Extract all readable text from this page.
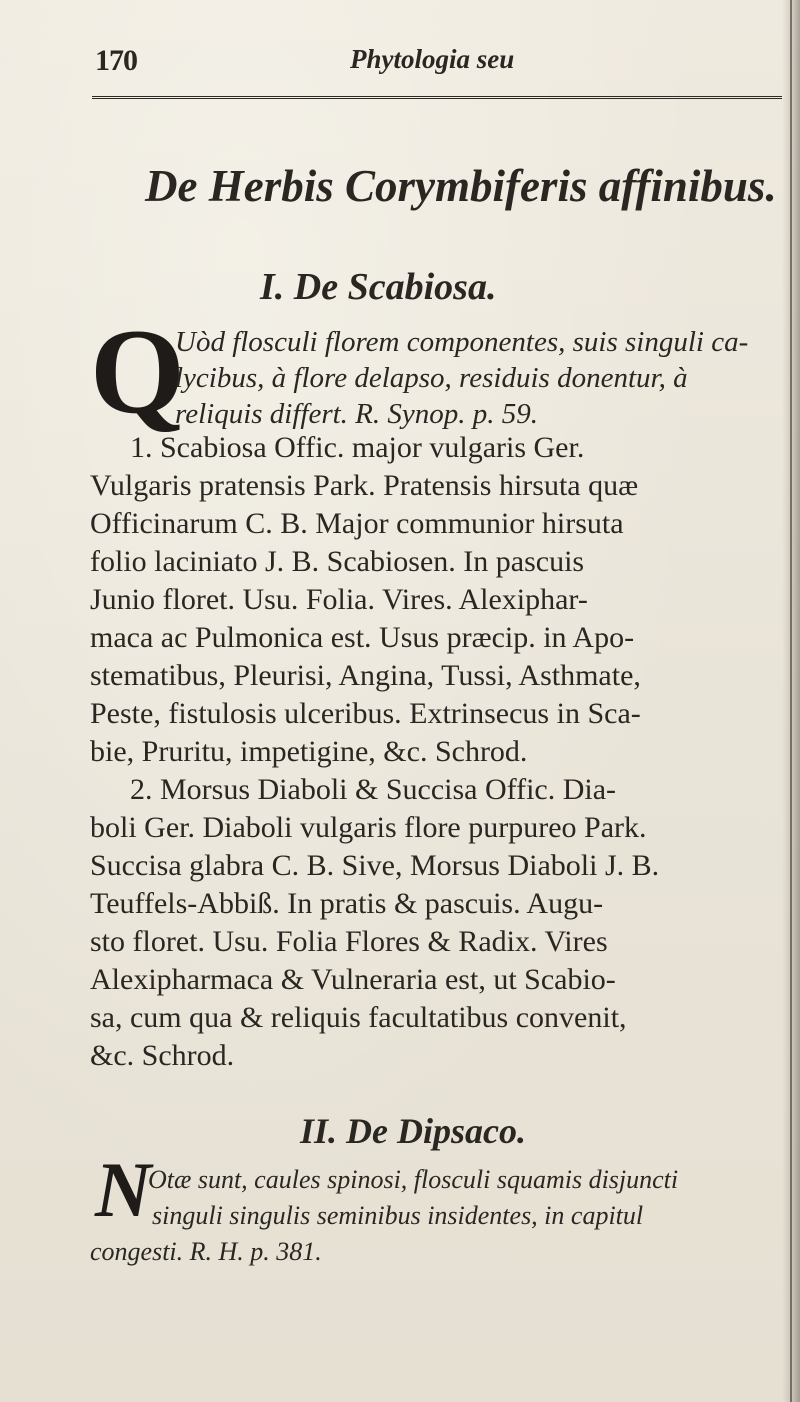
170	Phytologia seu
De Herbis Corymbiferis affinibus.
I. De Scabiosa.
Q
Uòd flosculi florem componentes, suis singuli ca-
lycibus, à flore delapso, residuis donentur, à
reliquis differt. R. Synop. p. 59.
1. Scabiosa Offic. major vulgaris Ger.
Vulgaris pratensis Park. Pratensis hirsuta quæ
Officinarum C. B. Major communior hirsuta
folio laciniato J. B. Scabiosen. In pascuis
Junio floret. Usu. Folia. Vires. Alexiphar-
maca ac Pulmonica est. Usus præcip. in Apo-
stematibus, Pleurisi, Angina, Tussi, Asthmate,
Peste, fistulosis ulceribus. Extrinsecus in Sca-
bie, Pruritu, impetigine, &c. Schrod.
2. Morsus Diaboli & Succisa Offic. Dia-
boli Ger. Diaboli vulgaris flore purpureo Park.
Succisa glabra C. B. Sive, Morsus Diaboli J. B.
Teuffels-Abbiß. In pratis & pascuis. Augu-
sto floret. Usu. Folia Flores & Radix. Vires
Alexipharmaca & Vulneraria est, ut Scabio-
sa, cum qua & reliquis facultatibus convenit,
&c. Schrod.
II. De Dipsaco.
N
Otæ sunt, caules spinosi, flosculi squamis disjuncti
singuli singulis seminibus insidentes, in capitul
congesti. R. H. p. 381.
